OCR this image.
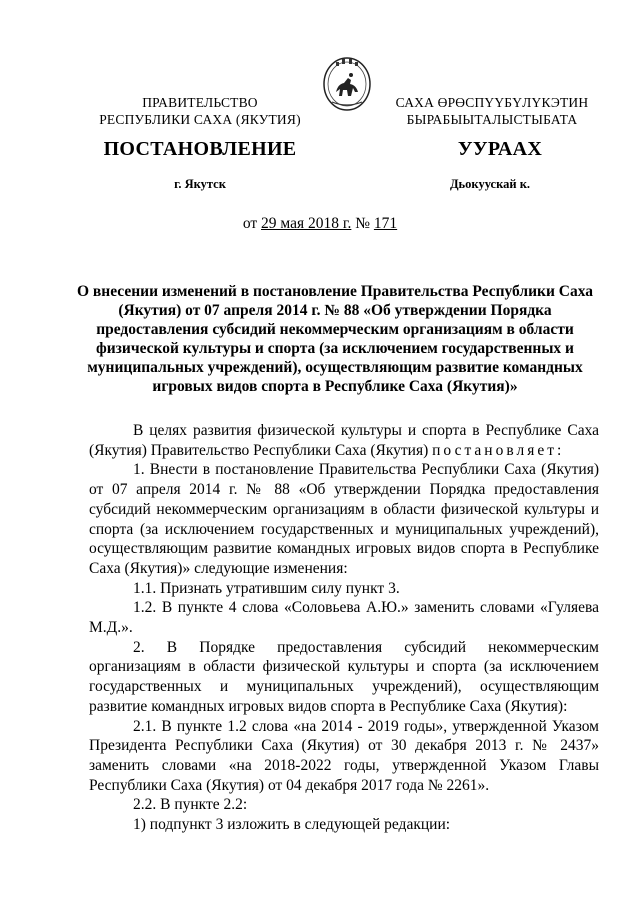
ПРАВИТЕЛЬСТВО
РЕСПУБЛИКИ САХА (ЯКУТИЯ)
САХА ӨРӨСПҮҮБҮЛҮКЭТИН
БЫРАБЫЫТАЛЫСТЫБАТА
ПОСТАНОВЛЕНИЕ	УУРААХ
г. Якутск	Дьокуускай к.
от 29 мая 2018 г. № 171
О внесении изменений в постановление Правительства Республики Саха
(Якутия) от 07 апреля 2014 г. № 88 «Об утверждении Порядка
предоставления субсидий некоммерческим организациям в области
физической культуры и спорта (за исключением государственных и
муниципальных учреждений), осуществляющим развитие командных
игровых видов спорта в Республике Саха (Якутия)»

В целях развития физической культуры и спорта в Республике Саха (Якутия) Правительство Республики Саха (Якутия) постановляет:

1. Внести в постановление Правительства Республики Саха (Якутия) от 07 апреля 2014 г. № 88 «Об утверждении Порядка предоставления субсидий некоммерческим организациям в области физической культуры и спорта (за исключением государственных и муниципальных учреждений), осуществляющим развитие командных игровых видов спорта в Республике Саха (Якутия)» следующие изменения:

1.1. Признать утратившим силу пункт 3.

1.2. В пункте 4 слова «Соловьева А.Ю.» заменить словами «Гуляева М.Д.».

2. В Порядке предоставления субсидий некоммерческим организациям в области физической культуры и спорта (за исключением государственных и муниципальных учреждений), осуществляющим развитие командных игровых видов спорта в Республике Саха (Якутия):

2.1. В пункте 1.2 слова «на 2014 - 2019 годы», утвержденной Указом Президента Республики Саха (Якутия) от 30 декабря 2013 г. № 2437» заменить словами «на 2018-2022 годы, утвержденной Указом Главы Республики Саха (Якутия) от 04 декабря 2017 года № 2261».

2.2. В пункте 2.2:

1) подпункт 3 изложить в следующей редакции:
